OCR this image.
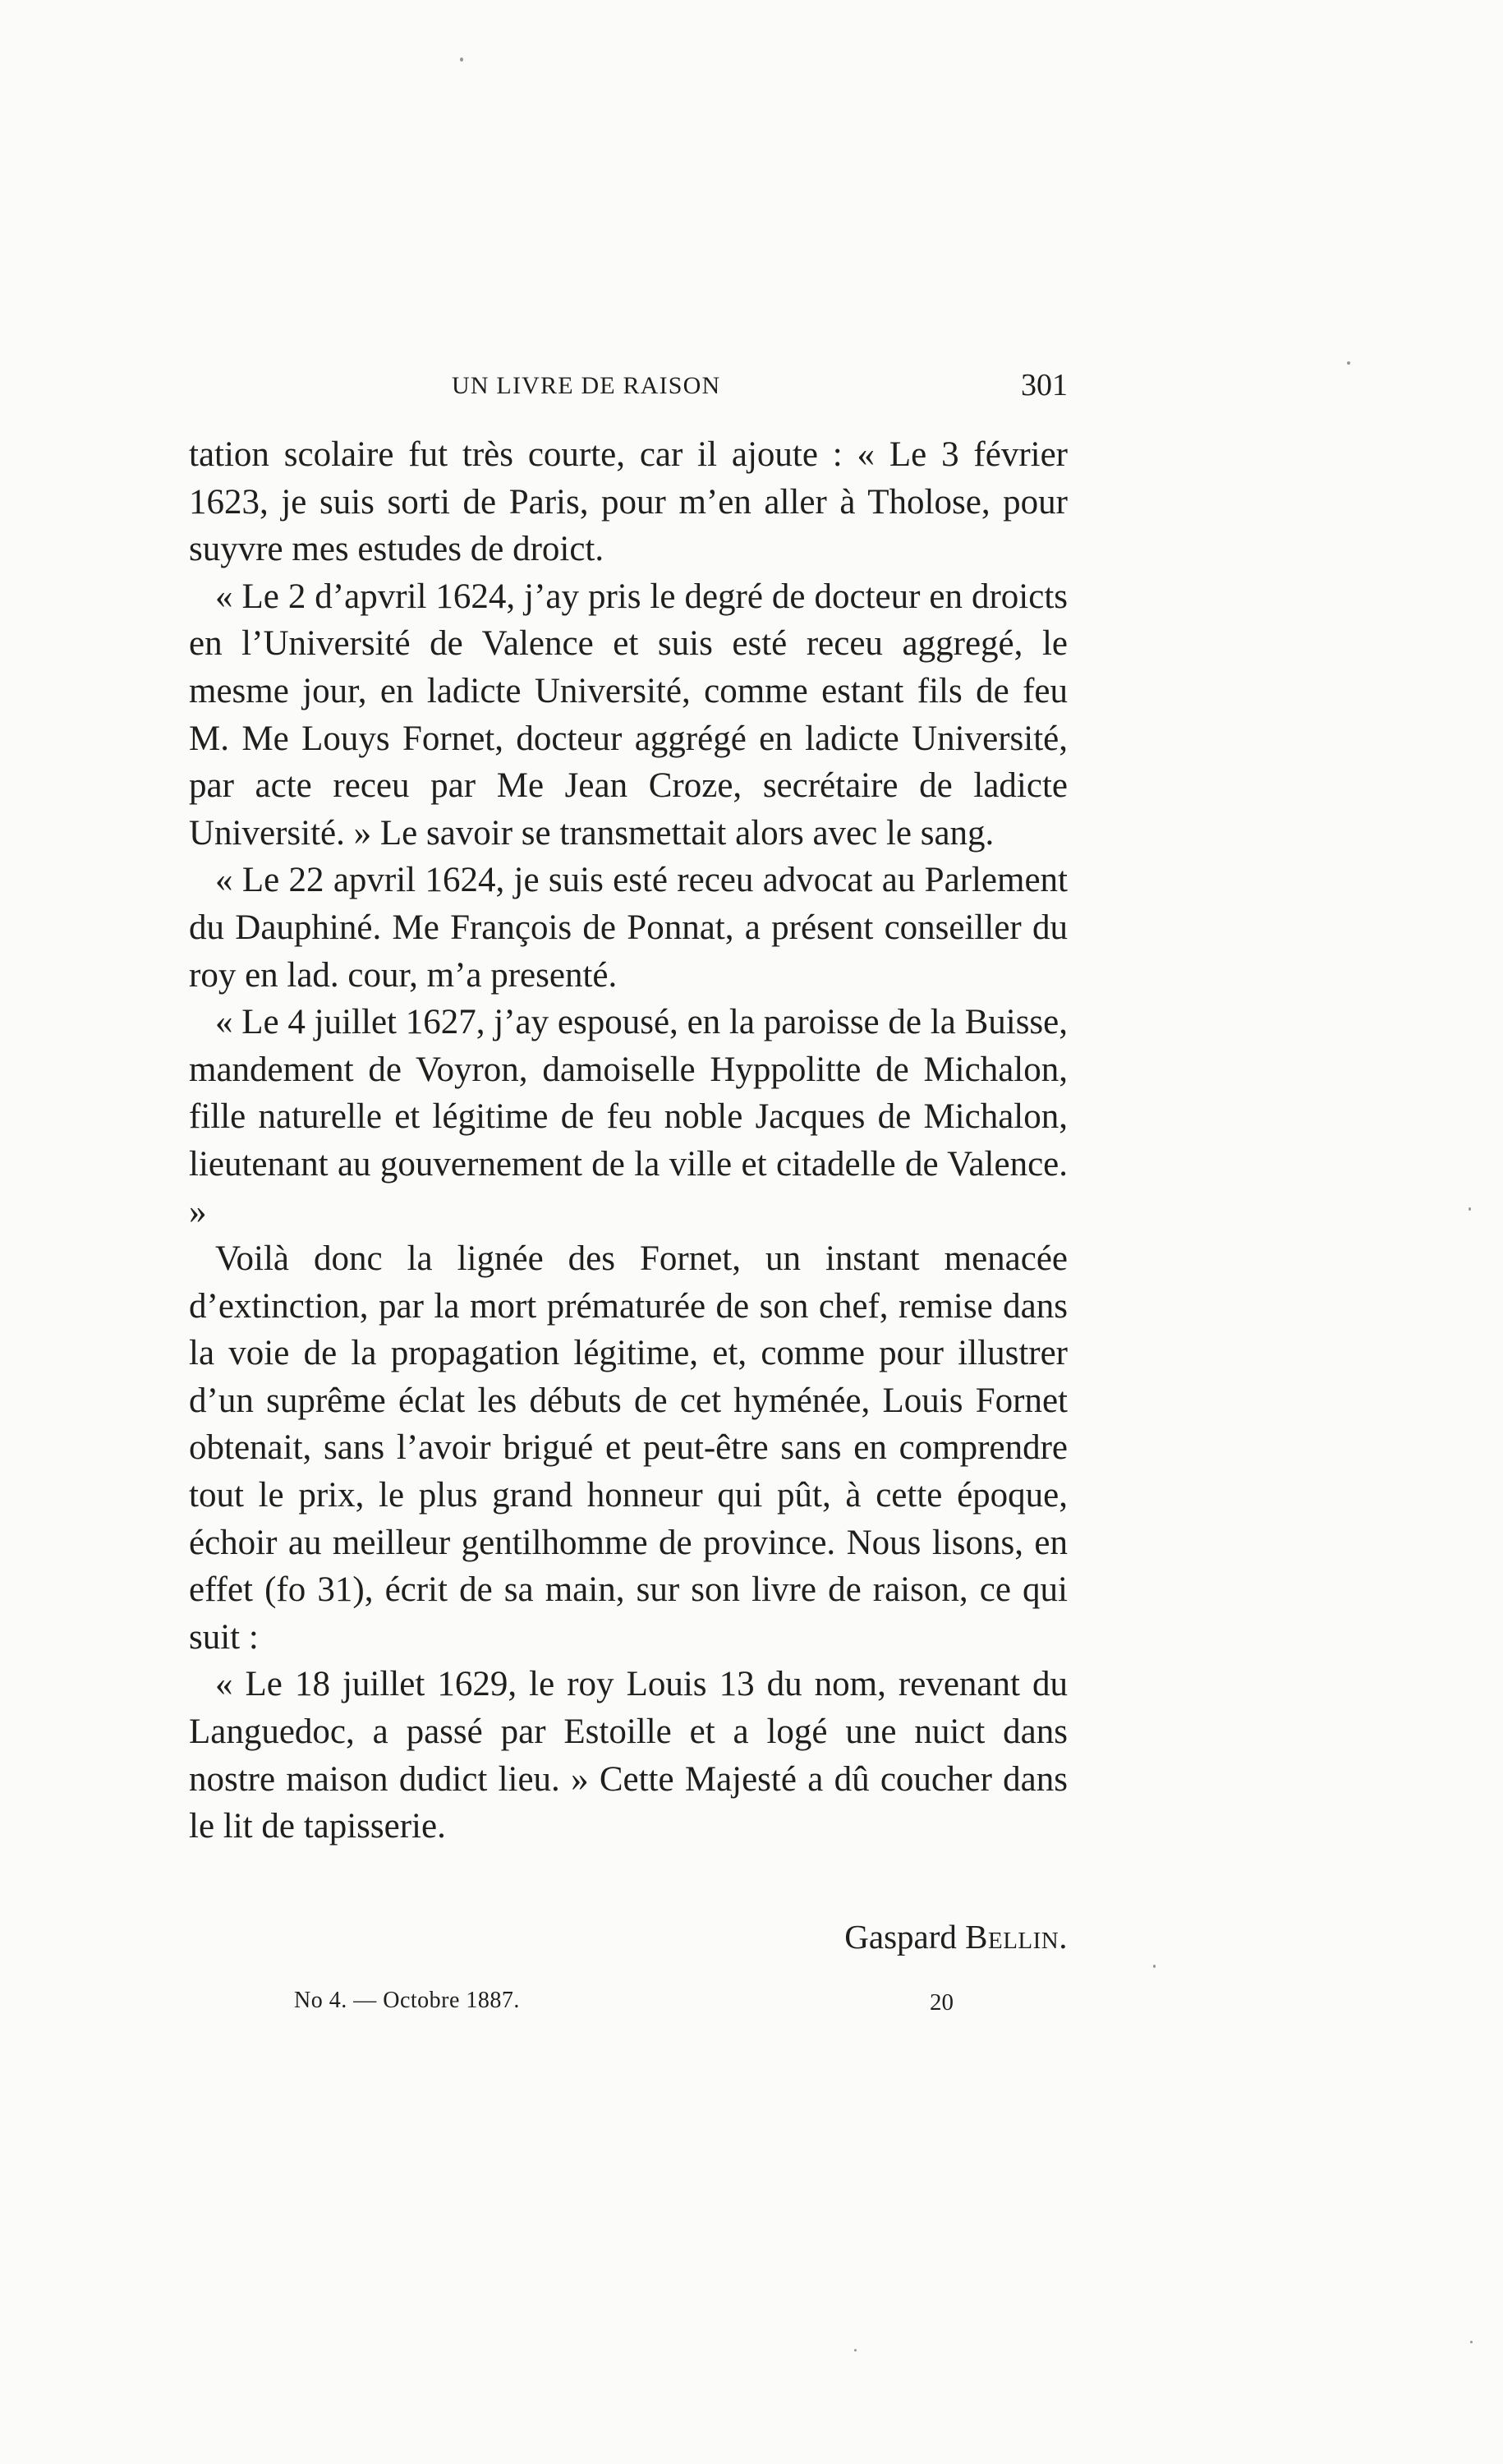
UN LIVRE DE RAISON	301

tation scolaire fut très courte, car il ajoute : « Le 3 février 1623, je suis sorti de Paris, pour m’en aller à Tholose, pour suyvre mes estudes de droict.

« Le 2 d’apvril 1624, j’ay pris le degré de docteur en droicts en l’Université de Valence et suis esté receu aggregé, le mesme jour, en ladicte Université, comme estant fils de feu M. Me Louys Fornet, docteur aggrégé en ladicte Université, par acte receu par Me Jean Croze, secrétaire de ladicte Université. » Le savoir se transmettait alors avec le sang.

« Le 22 apvril 1624, je suis esté receu advocat au Parlement du Dauphiné. Me François de Ponnat, a présent conseiller du roy en lad. cour, m’a presenté.

« Le 4 juillet 1627, j’ay espousé, en la paroisse de la Buisse, mandement de Voyron, damoiselle Hyppolitte de Michalon, fille naturelle et légitime de feu noble Jacques de Michalon, lieutenant au gouvernement de la ville et citadelle de Valence. »

Voilà donc la lignée des Fornet, un instant menacée d’extinction, par la mort prématurée de son chef, remise dans la voie de la propagation légitime, et, comme pour illustrer d’un suprême éclat les débuts de cet hyménée, Louis Fornet obtenait, sans l’avoir brigué et peut-être sans en comprendre tout le prix, le plus grand honneur qui pût, à cette époque, échoir au meilleur gentilhomme de province. Nous lisons, en effet (fo 31), écrit de sa main, sur son livre de raison, ce qui suit :

« Le 18 juillet 1629, le roy Louis 13 du nom, revenant du Languedoc, a passé par Estoille et a logé une nuict dans nostre maison dudict lieu. » Cette Majesté a dû coucher dans le lit de tapisserie.

Gaspard Bellin.
No 4. — Octobre 1887.	20
